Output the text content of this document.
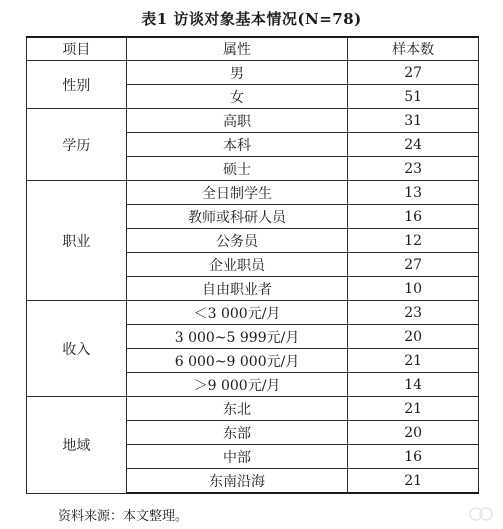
表1 访谈对象基本情况(N=78)
项目	属性	样本数
性别	男	27
	女	51
学历	高职	31
	本科	24
	硕士	23
职业	全日制学生	13
	教师或科研人员	16
	公务员	12
	企业职员	27
	自由职业者	10
收入	＜3 000元/月	23
	3 000~5 999元/月	20
	6 000~9 000元/月	21
	＞9 000元/月	14
地域	东北	21
	东部	20
	中部	16
	东南沿海	21
资料来源：本文整理。
